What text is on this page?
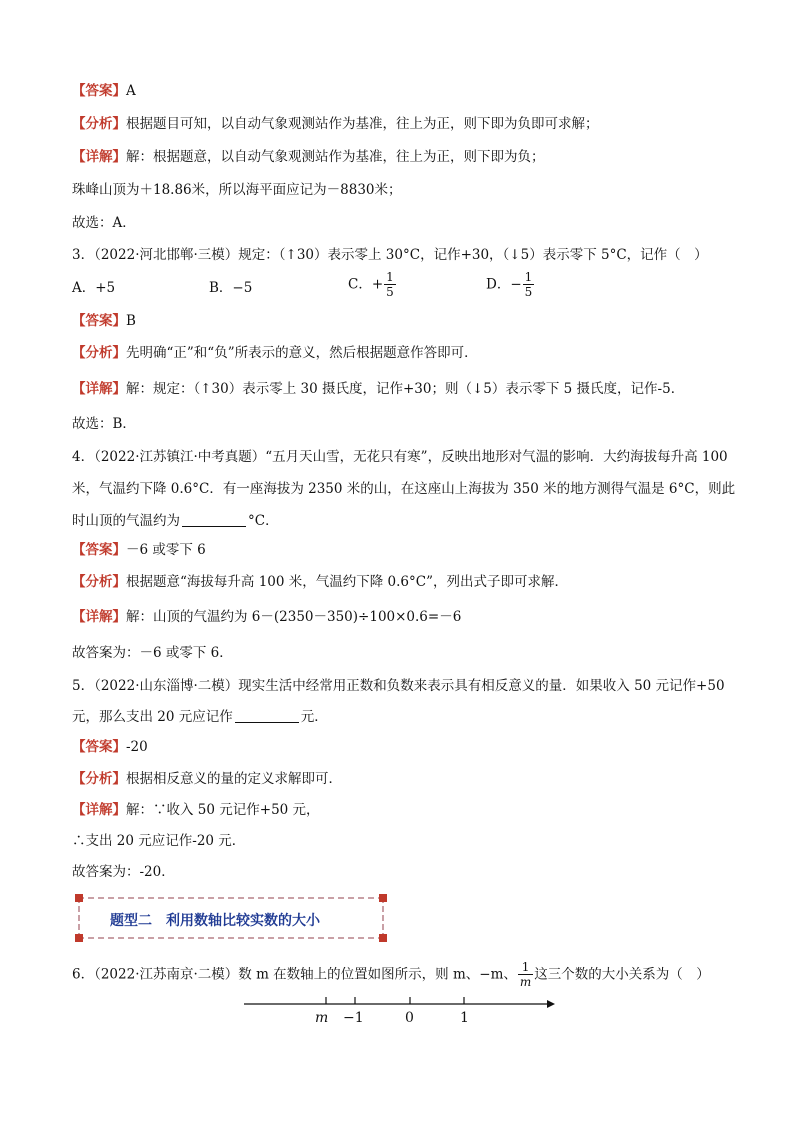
【答案】A
【分析】根据题目可知，以自动气象观测站作为基准，往上为正，则下即为负即可求解；
【详解】解：根据题意，以自动气象观测站作为基准，往上为正，则下即为负；
珠峰山顶为＋18.86米，所以海平面应记为－8830米；
故选：A．
3．（2022·河北邯郸·三模）规定：（↑30）表示零上 30°C，记作+30，（↓5）表示零下 5°C，记作（　）
A．+5	B．−5	C．+ $\frac{1}{5}$	D．− $\frac{1}{5}$
【答案】B
【分析】先明确“正”和“负”所表示的意义，然后根据题意作答即可．
【详解】解：规定：（↑30）表示零上 30 摄氏度，记作+30；则（↓5）表示零下 5 摄氏度，记作-5．
故选：B．
4．（2022·江苏镇江·中考真题）“五月天山雪，无花只有寒”，反映出地形对气温的影响．大约海拔每升高 100
米，气温约下降 0.6°C．有一座海拔为 2350 米的山，在这座山上海拔为 350 米的地方测得气温是 6°C，则此
时山顶的气温约为	°C．
【答案】－6 或零下 6
【分析】根据题意“海拔每升高 100 米，气温约下降 0.6°C”，列出式子即可求解．
【详解】解：山顶的气温约为 6－(2350－350)÷100×0.6=－6
故答案为：－6 或零下 6．
5．（2022·山东淄博·二模）现实生活中经常用正数和负数来表示具有相反意义的量．如果收入 50 元记作+50
元，那么支出 20 元应记作	元．
【答案】-20
【分析】根据相反意义的量的定义求解即可．
【详解】解：∵收入 50 元记作+50 元，
∴支出 20 元应记作-20 元．
故答案为：-20．
题型二　利用数轴比较实数的大小
6．（2022·江苏南京·二模）数 m 在数轴上的位置如图所示，则 m、−m、 $\frac{1}{m}$ 这三个数的大小关系为（　）
m −1	0	1
